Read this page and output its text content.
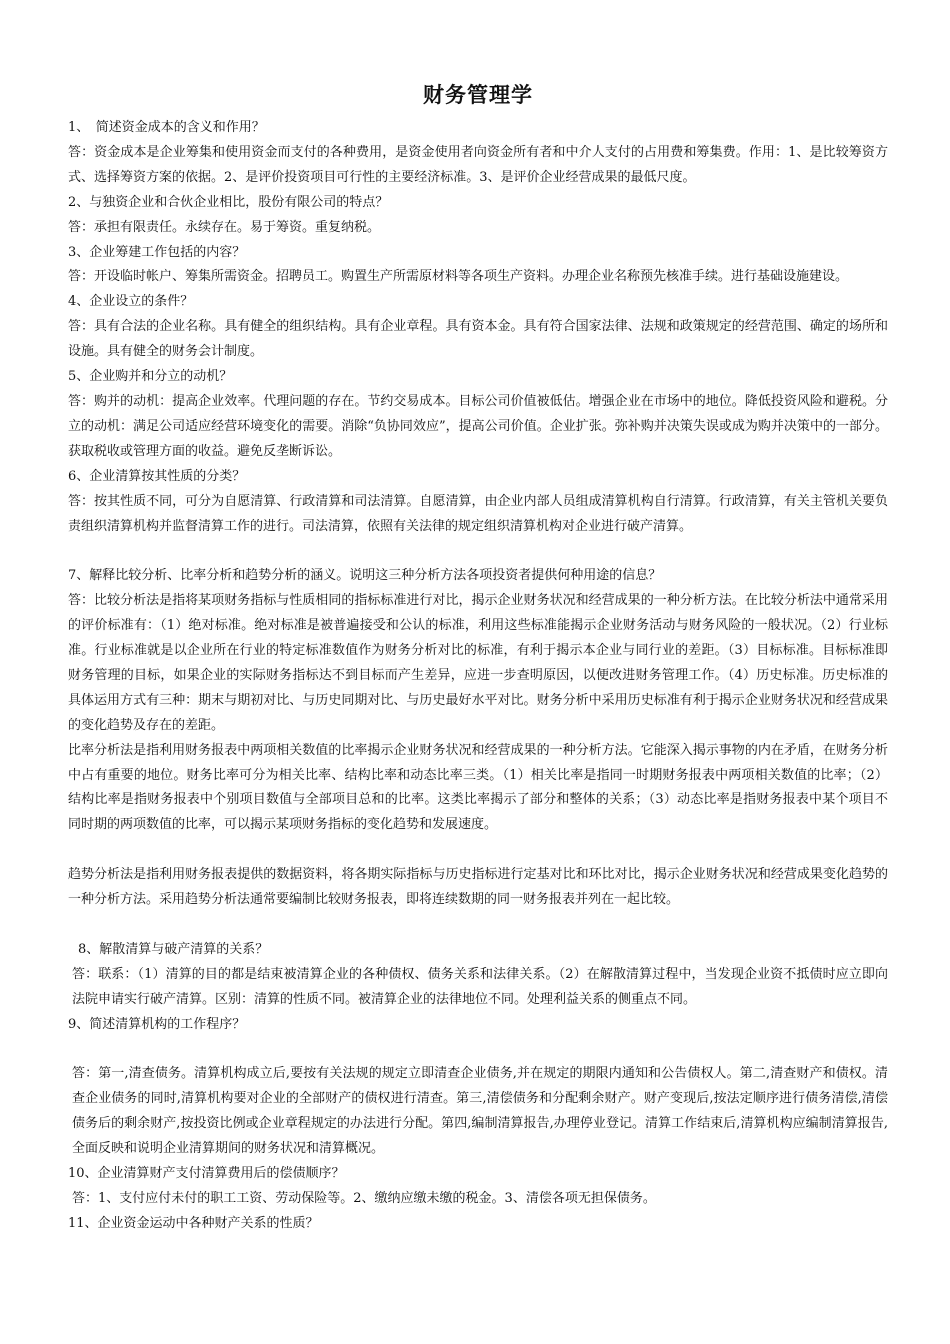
财务管理学

1、　简述资金成本的含义和作用？

答：资金成本是企业筹集和使用资金而支付的各种费用，是资金使用者向资金所有者和中介人支付的占用费和筹集费。作用：1、是比较筹资方式、选择筹资方案的依据。2、是评价投资项目可行性的主要经济标准。3、是评价企业经营成果的最低尺度。

2、与独资企业和合伙企业相比，股份有限公司的特点？

答：承担有限责任。永续存在。易于筹资。重复纳税。

3、企业筹建工作包括的内容？

答：开设临时帐户、筹集所需资金。招聘员工。购置生产所需原材料等各项生产资料。办理企业名称预先核准手续。进行基础设施建设。

4、企业设立的条件？

答：具有合法的企业名称。具有健全的组织结构。具有企业章程。具有资本金。具有符合国家法律、法规和政策规定的经营范围、确定的场所和设施。具有健全的财务会计制度。

5、企业购并和分立的动机？

答：购并的动机：提高企业效率。代理问题的存在。节约交易成本。目标公司价值被低估。增强企业在市场中的地位。降低投资风险和避税。分立的动机：满足公司适应经营环境变化的需要。消除“负协同效应”，提高公司价值。企业扩张。弥补购并决策失误或成为购并决策中的一部分。获取税收或管理方面的收益。避免反垄断诉讼。

6、企业清算按其性质的分类？

答：按其性质不同，可分为自愿清算、行政清算和司法清算。自愿清算，由企业内部人员组成清算机构自行清算。行政清算，有关主管机关要负责组织清算机构并监督清算工作的进行。司法清算，依照有关法律的规定组织清算机构对企业进行破产清算。

7、解释比较分析、比率分析和趋势分析的涵义。说明这三种分析方法各项投资者提供何种用途的信息？

答：比较分析法是指将某项财务指标与性质相同的指标标准进行对比，揭示企业财务状况和经营成果的一种分析方法。在比较分析法中通常采用的评价标准有：（1）绝对标准。绝对标准是被普遍接受和公认的标准，利用这些标准能揭示企业财务活动与财务风险的一般状况。（2）行业标准。行业标准就是以企业所在行业的特定标准数值作为财务分析对比的标准，有利于揭示本企业与同行业的差距。（3）目标标准。目标标准即财务管理的目标，如果企业的实际财务指标达不到目标而产生差异，应进一步查明原因，以便改进财务管理工作。（4）历史标准。历史标准的具体运用方式有三种：期末与期初对比、与历史同期对比、与历史最好水平对比。财务分析中采用历史标准有利于揭示企业财务状况和经营成果的变化趋势及存在的差距。

比率分析法是指利用财务报表中两项相关数值的比率揭示企业财务状况和经营成果的一种分析方法。它能深入揭示事物的内在矛盾，在财务分析中占有重要的地位。财务比率可分为相关比率、结构比率和动态比率三类。（1）相关比率是指同一时期财务报表中两项相关数值的比率；（2）结构比率是指财务报表中个别项目数值与全部项目总和的比率。这类比率揭示了部分和整体的关系；（3）动态比率是指财务报表中某个项目不同时期的两项数值的比率，可以揭示某项财务指标的变化趋势和发展速度。

趋势分析法是指利用财务报表提供的数据资料，将各期实际指标与历史指标进行定基对比和环比对比，揭示企业财务状况和经营成果变化趋势的一种分析方法。采用趋势分析法通常要编制比较财务报表，即将连续数期的同一财务报表并列在一起比较。

8、解散清算与破产清算的关系？

答：联系：（1）清算的目的都是结束被清算企业的各种债权、债务关系和法律关系。（2）在解散清算过程中，当发现企业资不抵债时应立即向法院申请实行破产清算。区别：清算的性质不同。被清算企业的法律地位不同。处理利益关系的侧重点不同。

9、简述清算机构的工作程序？

答：第一,清查债务。清算机构成立后,要按有关法规的规定立即清查企业债务,并在规定的期限内通知和公告债权人。第二,清查财产和债权。清查企业债务的同时,清算机构要对企业的全部财产的债权进行清查。第三,清偿债务和分配剩余财产。财产变现后,按法定顺序进行债务清偿,清偿债务后的剩余财产,按投资比例或企业章程规定的办法进行分配。第四,编制清算报告,办理停业登记。清算工作结束后,清算机构应编制清算报告,全面反映和说明企业清算期间的财务状况和清算概况。

10、企业清算财产支付清算费用后的偿债顺序？

答：1、支付应付未付的职工工资、劳动保险等。2、缴纳应缴未缴的税金。3、清偿各项无担保债务。

11、企业资金运动中各种财产关系的性质？
